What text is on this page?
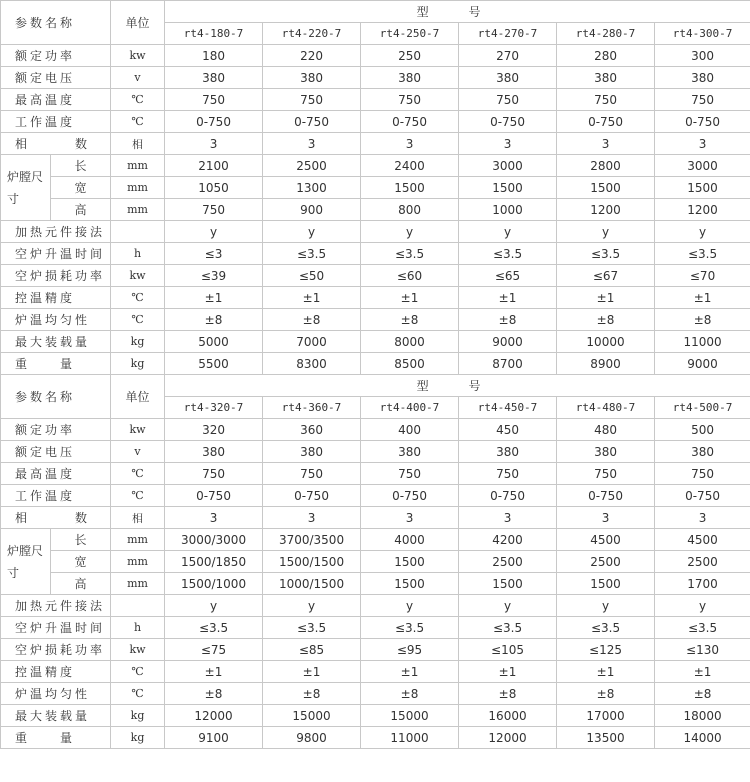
参数名称		单位	型 号					
			rt4-180-7	rt4-220-7	rt4-250-7	rt4-270-7	rt4-280-7	rt4-300-7
额定功率		kw	180	220	250	270	280	300
额定电压		v	380	380	380	380	380	380
最高温度		℃	750	750	750	750	750	750
工作温度		℃	0-750	0-750	0-750	0-750	0-750	0-750
相　　　数		相	3	3	3	3	3	3
炉膛尺寸	长	mm	2100	2500	2400	3000	2800	3000
	宽	mm	1050	1300	1500	1500	1500	1500
	高	mm	750	900	800	1000	1200	1200
加热元件接法			y	y	y	y	y	y
空炉升温时间		h	≤3	≤3.5	≤3.5	≤3.5	≤3.5	≤3.5
空炉损耗功率		kw	≤39	≤50	≤60	≤65	≤67	≤70
控温精度		℃	±1	±1	±1	±1	±1	±1
炉温均匀性		℃	±8	±8	±8	±8	±8	±8
最大装载量		kg	5000	7000	8000	9000	10000	11000
重　　量		kg	5500	8300	8500	8700	8900	9000
参数名称		单位	型 号					
			rt4-320-7	rt4-360-7	rt4-400-7	rt4-450-7	rt4-480-7	rt4-500-7
额定功率		kw	320	360	400	450	480	500
额定电压		v	380	380	380	380	380	380
最高温度		℃	750	750	750	750	750	750
工作温度		℃	0-750	0-750	0-750	0-750	0-750	0-750
相　　　数		相	3	3	3	3	3	3
炉膛尺寸	长	mm	3000/3000	3700/3500	4000	4200	4500	4500
	宽	mm	1500/1850	1500/1500	1500	2500	2500	2500
	高	mm	1500/1000	1000/1500	1500	1500	1500	1700
加热元件接法			y	y	y	y	y	y
空炉升温时间		h	≤3.5	≤3.5	≤3.5	≤3.5	≤3.5	≤3.5
空炉损耗功率		kw	≤75	≤85	≤95	≤105	≤125	≤130
控温精度		℃	±1	±1	±1	±1	±1	±1
炉温均匀性		℃	±8	±8	±8	±8	±8	±8
最大装载量		kg	12000	15000	15000	16000	17000	18000
重　　量		kg	9100	9800	11000	12000	13500	14000
